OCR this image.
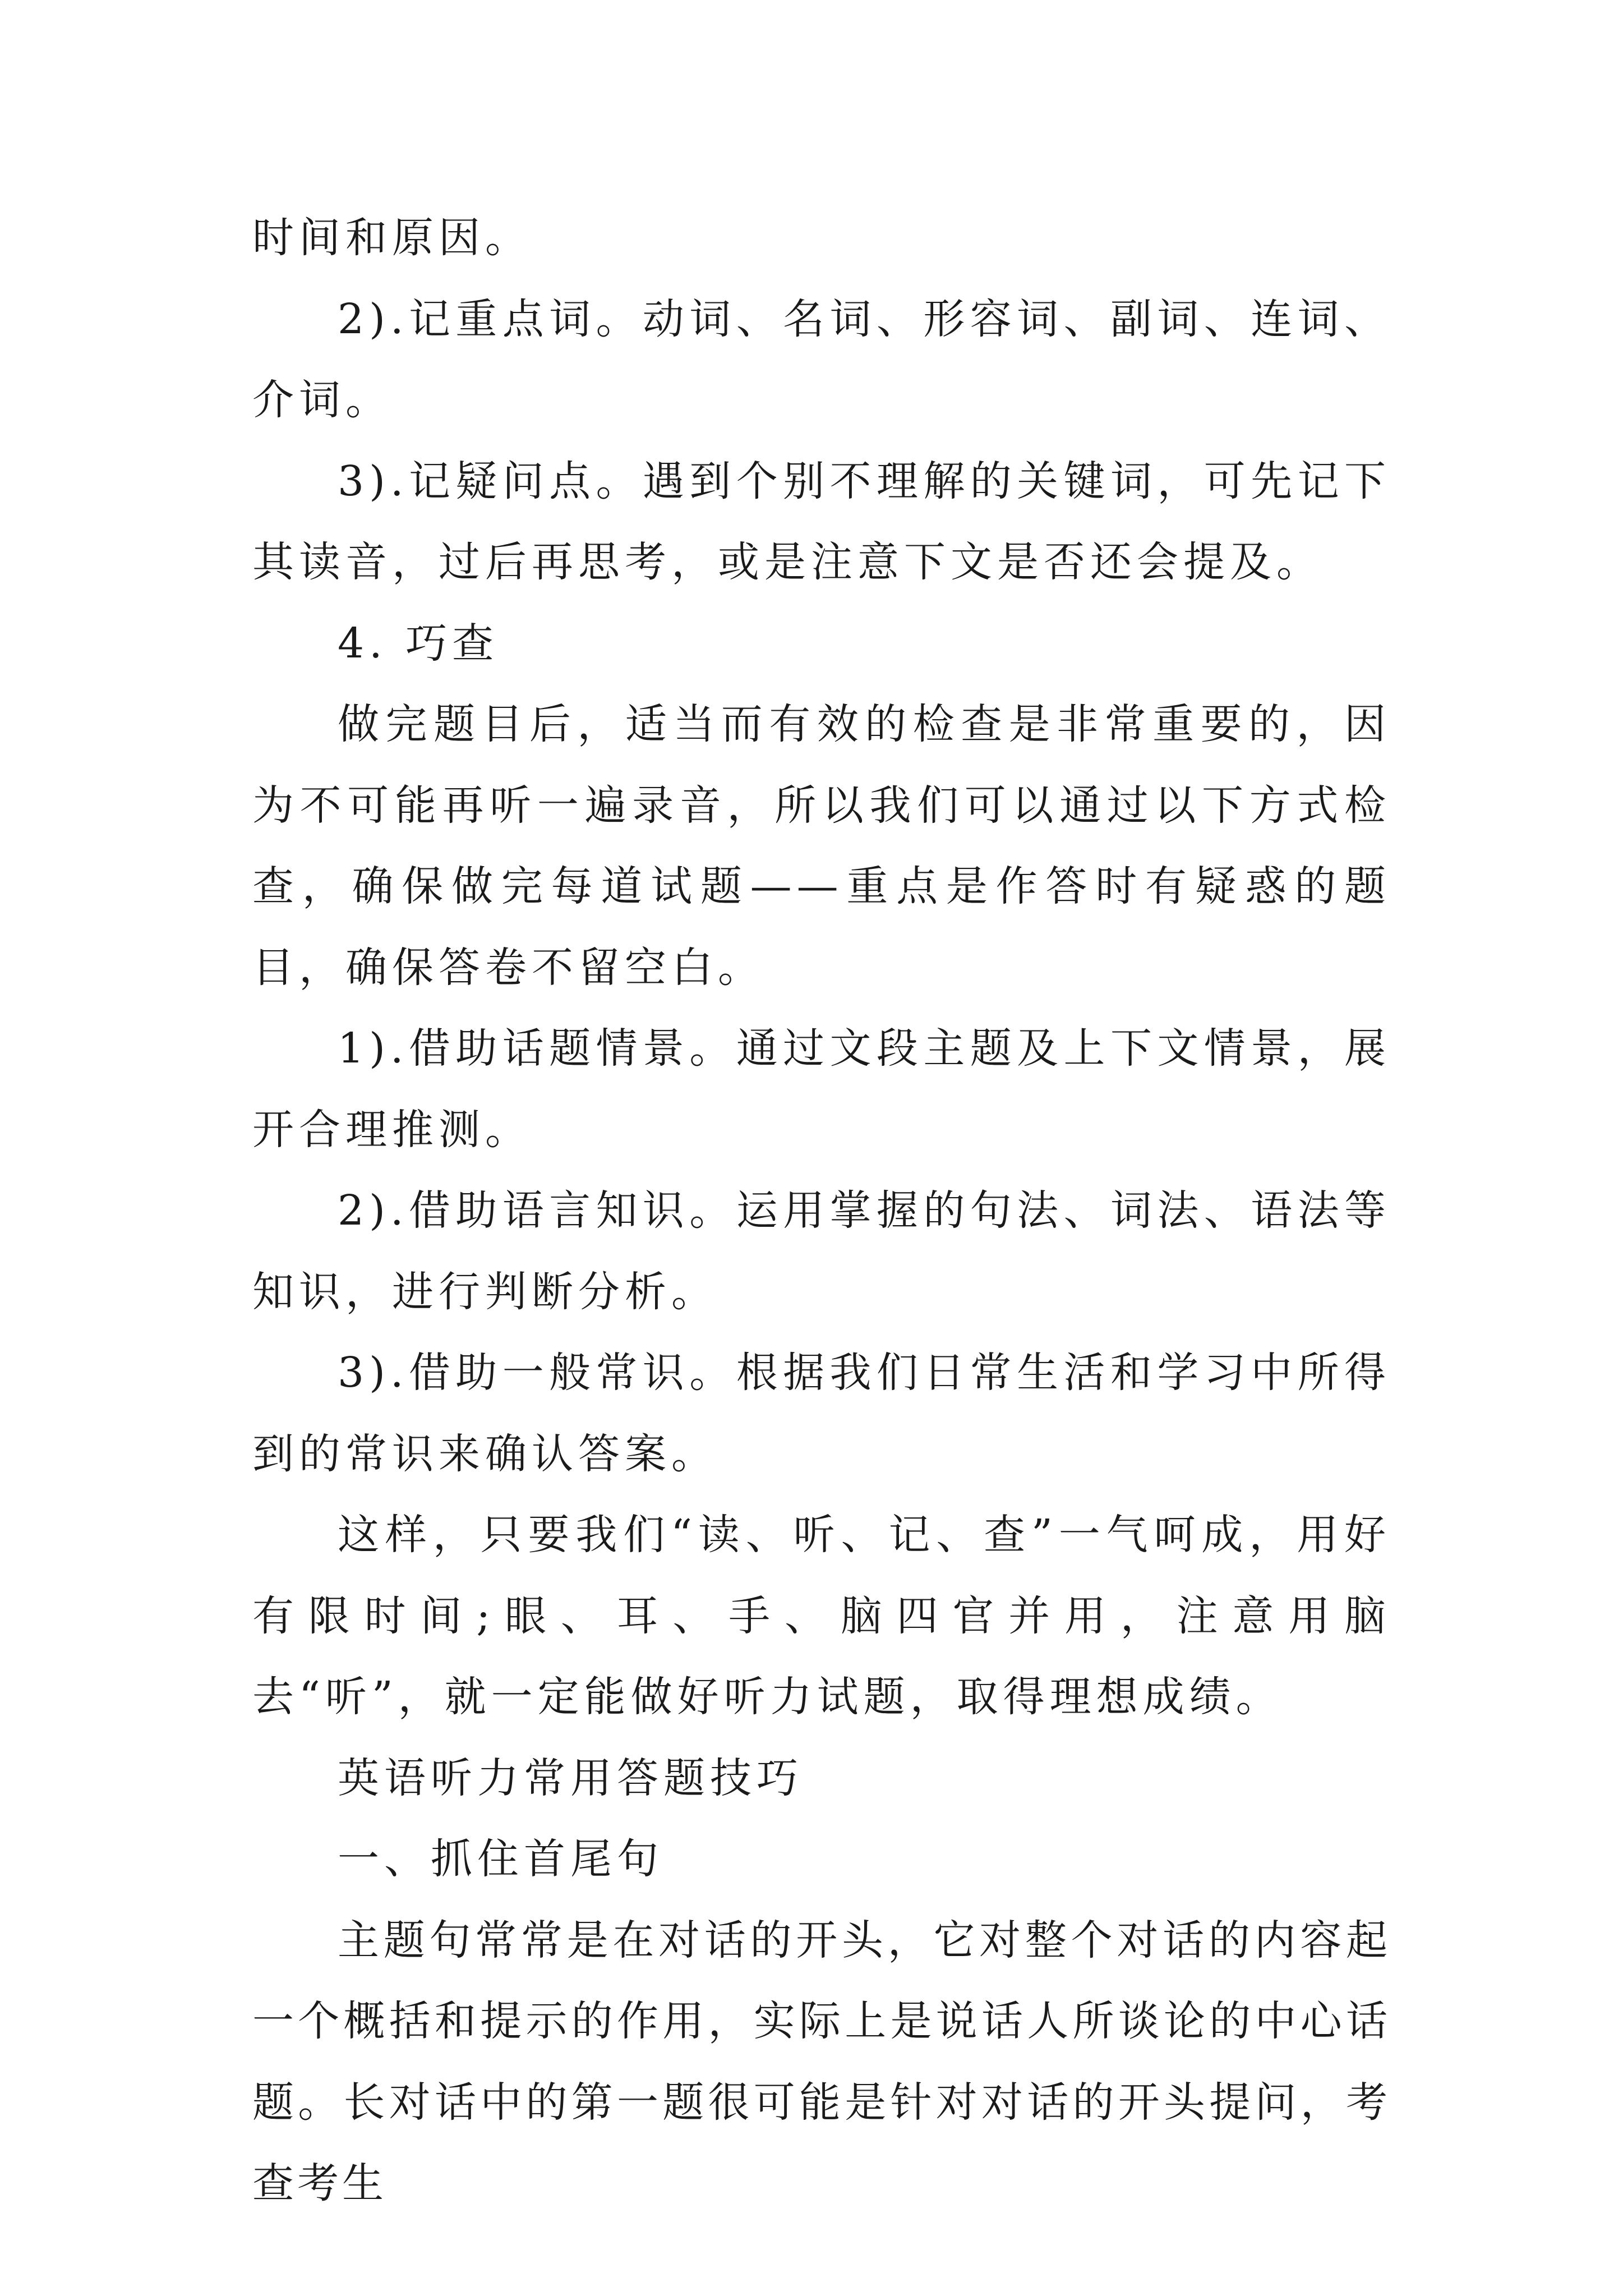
时间和原因。

2).记重点词。动词、名词、形容词、副词、连词、介词。

3).记疑问点。遇到个别不理解的关键词，可先记下其读音，过后再思考，或是注意下文是否还会提及。

4. 巧查

做完题目后，适当而有效的检查是非常重要的，因为不可能再听一遍录音，所以我们可以通过以下方式检查，确保做完每道试题——重点是作答时有疑惑的题目，确保答卷不留空白。

1).借助话题情景。通过文段主题及上下文情景，展开合理推测。

2).借助语言知识。运用掌握的句法、词法、语法等知识，进行判断分析。

3).借助一般常识。根据我们日常生活和学习中所得到的常识来确认答案。

这样，只要我们“读、听、记、查”一气呵成，用好有限时间;眼、耳、手、脑四官并用，注意用脑去“听”，就一定能做好听力试题，取得理想成绩。

英语听力常用答题技巧

一、抓住首尾句

主题句常常是在对话的开头，它对整个对话的内容起一个概括和提示的作用，实际上是说话人所谈论的中心话题。长对话中的第一题很可能是针对对话的开头提问，考查考生
